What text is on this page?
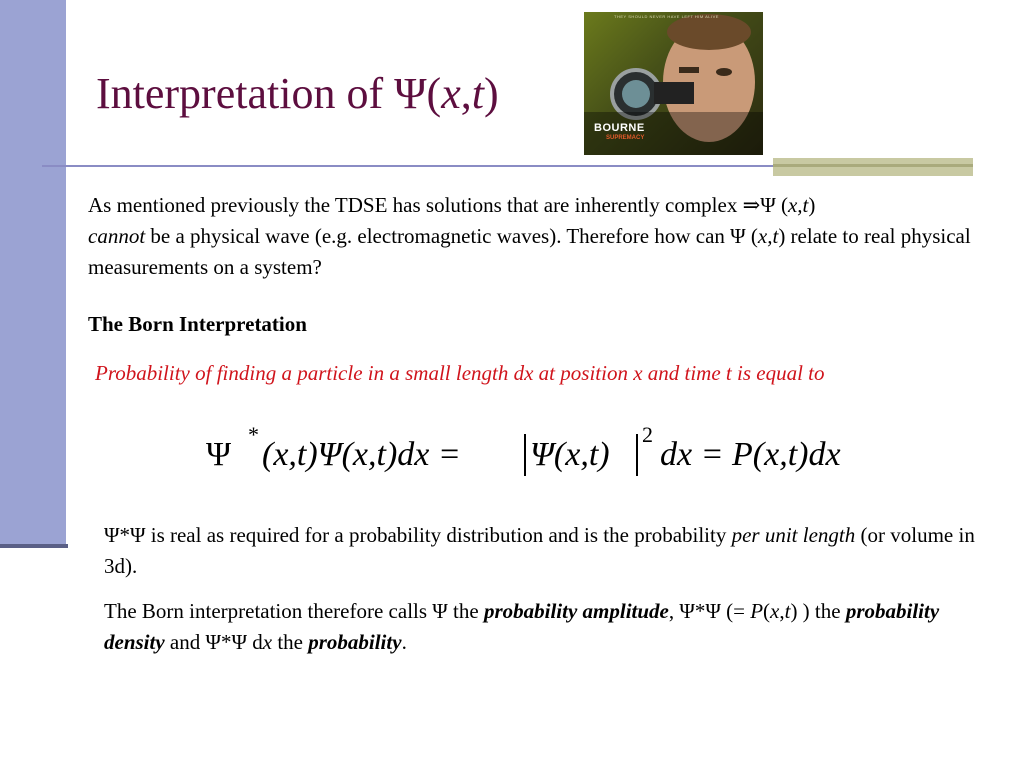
Interpretation of Ψ(x,t)
THEY SHOULD NEVER HAVE LEFT HIM ALIVE
BOURNE
SUPREMACY
As mentioned previously the TDSE has solutions that are inherently complex ⇒Ψ (x,t)
cannot be a physical wave (e.g. electromagnetic waves). Therefore how can Ψ (x,t) relate to real physical measurements on a system?
The Born Interpretation
Probability of finding a particle in a small length dx at position x and time t is equal to
Ψ
*
(x,t)Ψ(x,t)dx = Ψ(x,t)
2
dx = P(x,t)dx
Ψ*Ψ is real as required for a probability distribution and is the probability per unit length (or volume in 3d).
The Born interpretation therefore calls Ψ the probability amplitude, Ψ*Ψ (= P(x,t) ) the probability density and Ψ*Ψ dx the probability.
